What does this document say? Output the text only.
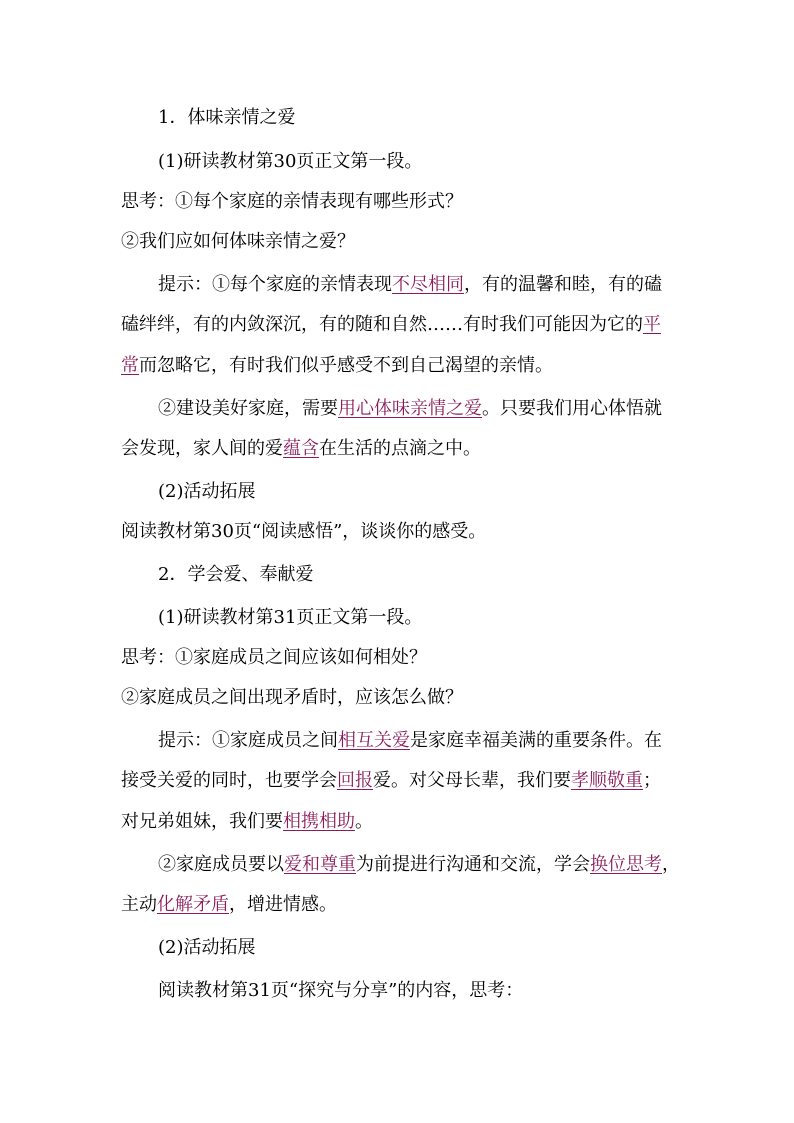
1．体味亲情之爱
(1)研读教材第30页正文第一段。
思考：①每个家庭的亲情表现有哪些形式？
②我们应如何体味亲情之爱？
提示：①每个家庭的亲情表现不尽相同，有的温馨和睦，有的磕
磕绊绊，有的内敛深沉，有的随和自然……有时我们可能因为它的平
常而忽略它，有时我们似乎感受不到自己渴望的亲情。
②建设美好家庭，需要用心体味亲情之爱。只要我们用心体悟就
会发现，家人间的爱蕴含在生活的点滴之中。
(2)活动拓展
阅读教材第30页“阅读感悟”，谈谈你的感受。
2．学会爱、奉献爱
(1)研读教材第31页正文第一段。
思考：①家庭成员之间应该如何相处？
②家庭成员之间出现矛盾时，应该怎么做？
提示：①家庭成员之间相互关爱是家庭幸福美满的重要条件。在
接受关爱的同时，也要学会回报爱。对父母长辈，我们要孝顺敬重；
对兄弟姐妹，我们要相携相助。
②家庭成员要以爱和尊重为前提进行沟通和交流，学会换位思考，
主动化解矛盾，增进情感。
(2)活动拓展
阅读教材第31页“探究与分享”的内容，思考：
